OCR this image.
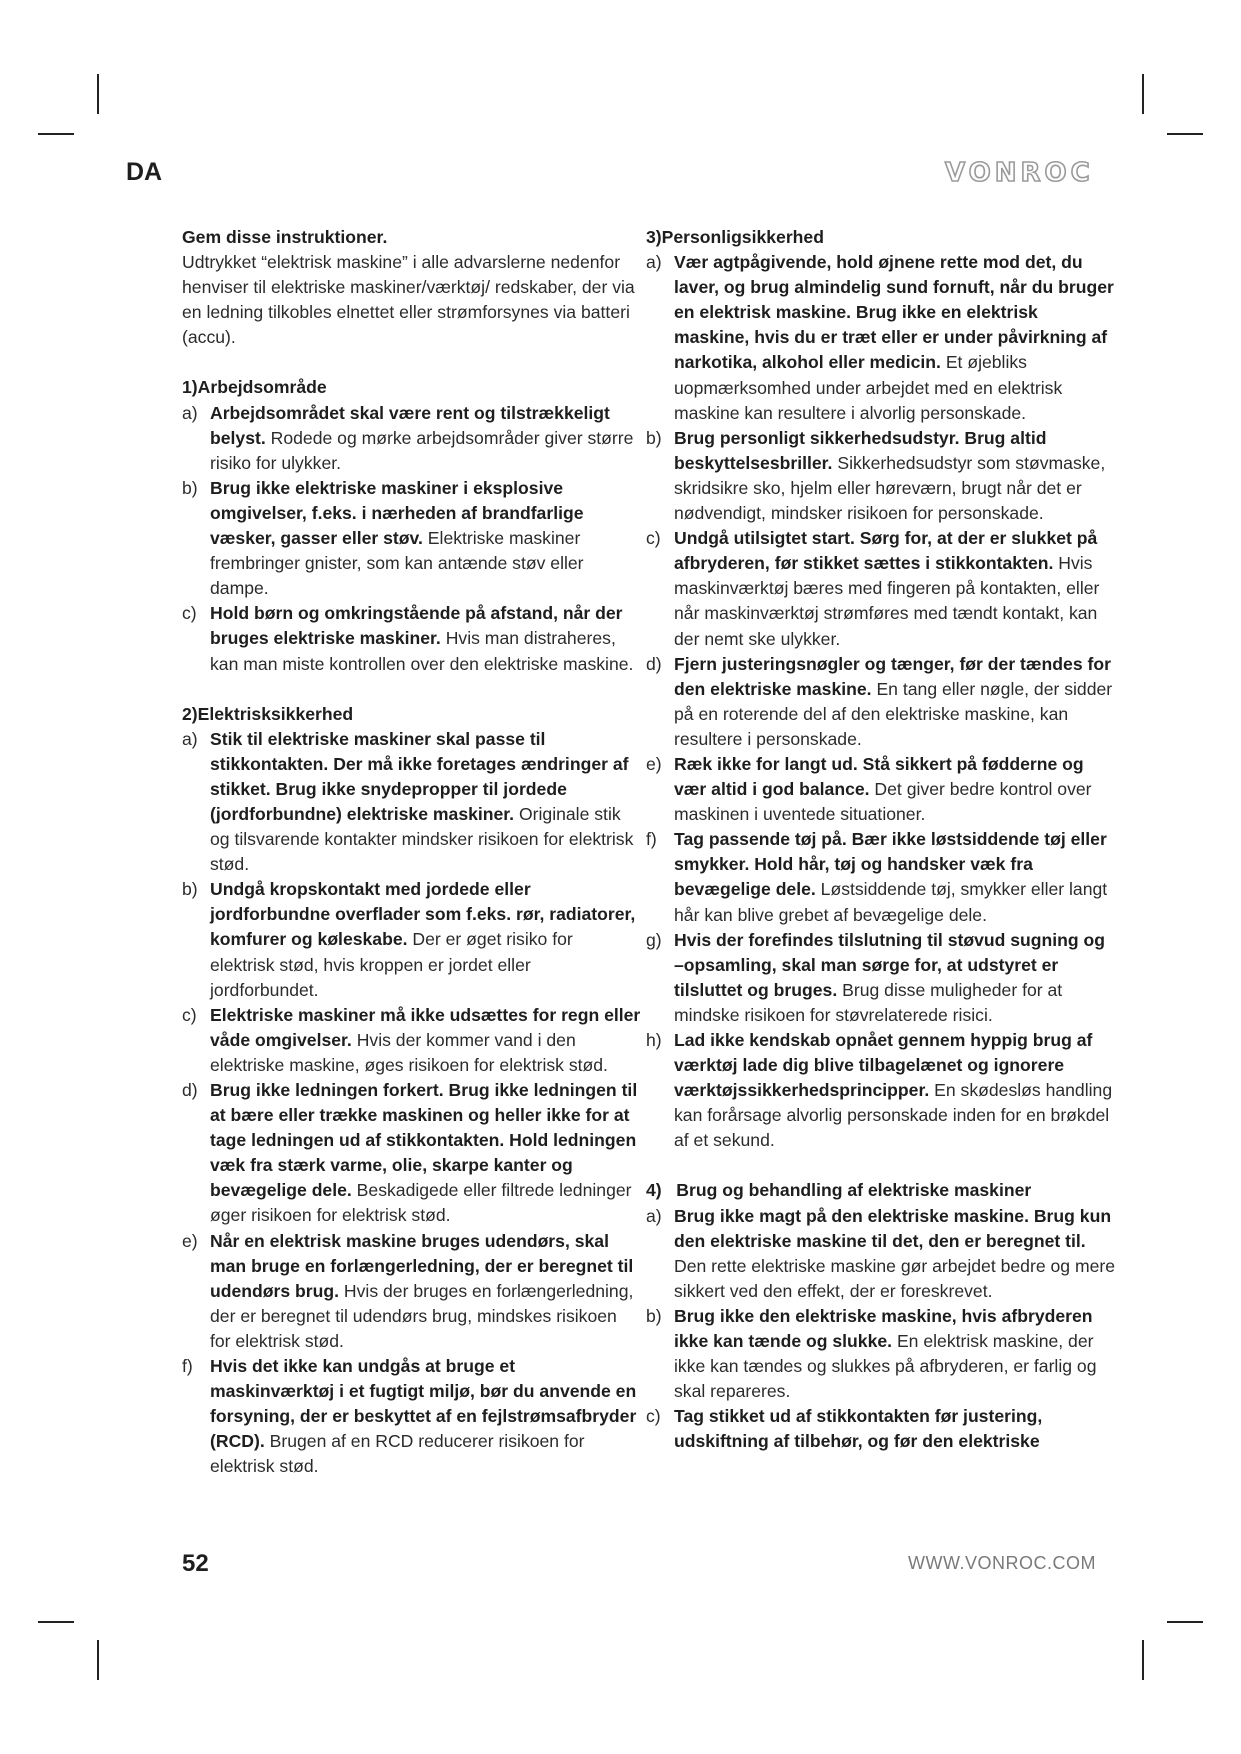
DA	VONROC

Gem disse instruktioner.

Udtrykket “elektrisk maskine” i alle advarslerne nedenfor henviser til elektriske maskiner/værktøj/ redskaber, der via en ledning tilkobles elnettet eller strømforsynes via batteri (accu).

1)Arbejdsområde

a) Arbejdsområdet skal være rent og tilstrækkeligt belyst. Rodede og mørke arbejdsområder giver større risiko for ulykker.

b) Brug ikke elektriske maskiner i eksplosive omgivelser, f.eks. i nærheden af brandfarlige væsker, gasser eller støv. Elektriske maskiner frembringer gnister, som kan antænde støv eller dampe.

c) Hold børn og omkringstående på afstand, når der bruges elektriske maskiner. Hvis man distraheres, kan man miste kontrollen over den elektriske maskine.

2)Elektrisksikkerhed

a) Stik til elektriske maskiner skal passe til stikkontakten. Der må ikke foretages ændringer af stikket. Brug ikke snydepropper til jordede (jordforbundne) elektriske maskiner. Originale stik og tilsvarende kontakter mindsker risikoen for elektrisk stød.

b) Undgå kropskontakt med jordede eller jordforbundne overflader som f.eks. rør, radiatorer, komfurer og køleskabe. Der er øget risiko for elektrisk stød, hvis kroppen er jordet eller jordforbundet.

c) Elektriske maskiner må ikke udsættes for regn eller våde omgivelser. Hvis der kommer vand i den elektriske maskine, øges risikoen for elektrisk stød.

d) Brug ikke ledningen forkert. Brug ikke ledningen til at bære eller trække maskinen og heller ikke for at tage ledningen ud af stikkontakten. Hold ledningen væk fra stærk varme, olie, skarpe kanter og bevægelige dele. Beskadigede eller filtrede ledninger øger risikoen for elektrisk stød.

e) Når en elektrisk maskine bruges udendørs, skal man bruge en forlængerledning, der er beregnet til udendørs brug. Hvis der bruges en forlængerledning, der er beregnet til udendørs brug, mindskes risikoen for elektrisk stød.

f) Hvis det ikke kan undgås at bruge et maskinværktøj i et fugtigt miljø, bør du anvende en forsyning, der er beskyttet af en fejlstrømsafbryder (RCD). Brugen af en RCD reducerer risikoen for elektrisk stød.

3)Personligsikkerhed

a) Vær agtpågivende, hold øjnene rette mod det, du laver, og brug almindelig sund fornuft, når du bruger en elektrisk maskine. Brug ikke en elektrisk maskine, hvis du er træt eller er under påvirkning af narkotika, alkohol eller medicin. Et øjebliks uopmærksomhed under arbejdet med en elektrisk maskine kan resultere i alvorlig personskade.

b) Brug personligt sikkerhedsudstyr. Brug altid beskyttelsesbriller. Sikkerhedsudstyr som støvmaske, skridsikre sko, hjelm eller høreværn, brugt når det er nødvendigt, mindsker risikoen for personskade.

c) Undgå utilsigtet start. Sørg for, at der er slukket på afbryderen, før stikket sættes i stikkontakten. Hvis maskinværktøj bæres med fingeren på kontakten, eller når maskinværktøj strømføres med tændt kontakt, kan der nemt ske ulykker.

d) Fjern justeringsnøgler og tænger, før der tændes for den elektriske maskine. En tang eller nøgle, der sidder på en roterende del af den elektriske maskine, kan resultere i personskade.

e) Ræk ikke for langt ud. Stå sikkert på fødderne og vær altid i god balance. Det giver bedre kontrol over maskinen i uventede situationer.

f) Tag passende tøj på. Bær ikke løstsiddende tøj eller smykker. Hold hår, tøj og handsker væk fra bevægelige dele. Løstsiddende tøj, smykker eller langt hår kan blive grebet af bevægelige dele.

g) Hvis der forefindes tilslutning til støvud sugning og –opsamling, skal man sørge for, at udstyret er tilsluttet og bruges. Brug disse muligheder for at mindske risikoen for støvrelaterede risici.

h) Lad ikke kendskab opnået gennem hyppig brug af værktøj lade dig blive tilbagelænet og ignorere værktøjssikkerhedsprincipper. En skødesløs handling kan forårsage alvorlig personskade inden for en brøkdel af et sekund.

4)   Brug og behandling af elektriske maskiner

a) Brug ikke magt på den elektriske maskine. Brug kun den elektriske maskine til det, den er beregnet til. Den rette elektriske maskine gør arbejdet bedre og mere sikkert ved den effekt, der er foreskrevet.

b) Brug ikke den elektriske maskine, hvis afbryderen ikke kan tænde og slukke. En elektrisk maskine, der ikke kan tændes og slukkes på afbryderen, er farlig og skal repareres.

c) Tag stikket ud af stikkontakten før justering, udskiftning af tilbehør, og før den elektriske

52	WWW.VONROC.COM
